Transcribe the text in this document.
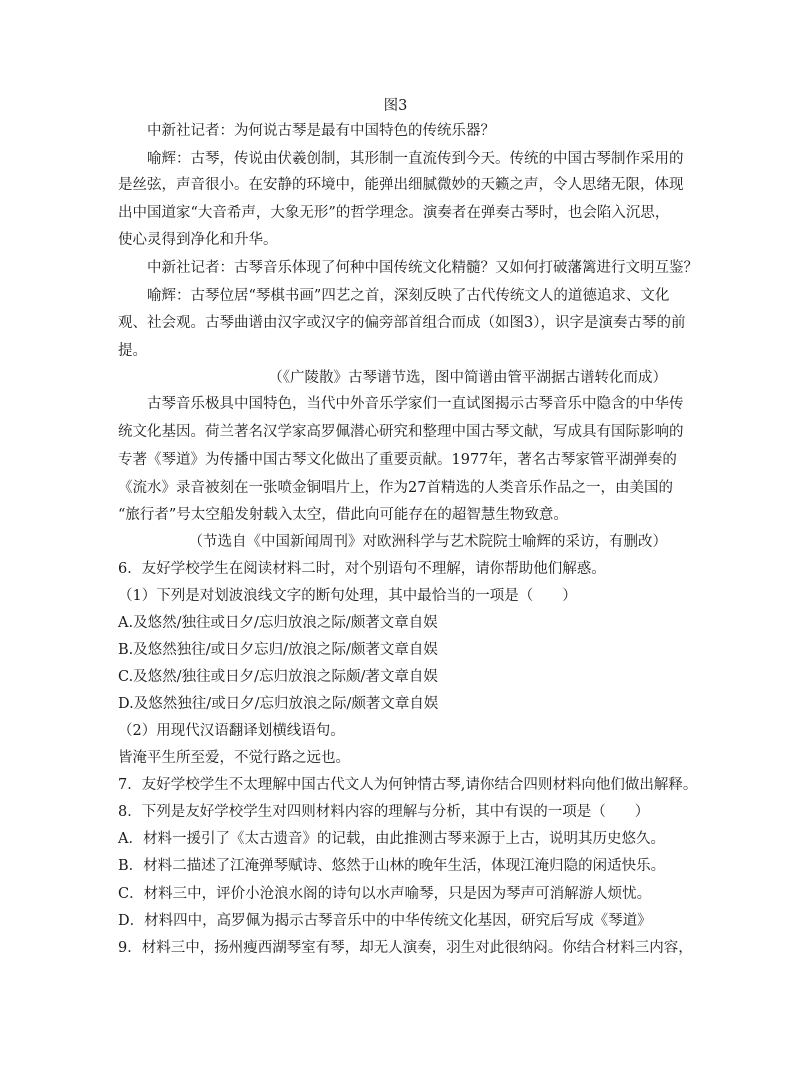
图3
中新社记者：为何说古琴是最有中国特色的传统乐器？
喻辉：古琴，传说由伏羲创制，其形制一直流传到今天。传统的中国古琴制作采用的
是丝弦，声音很小。在安静的环境中，能弹出细腻微妙的天籁之声，令人思绪无限，体现
出中国道家“大音希声，大象无形”的哲学理念。演奏者在弹奏古琴时，也会陷入沉思，
使心灵得到净化和升华。
中新社记者：古琴音乐体现了何种中国传统文化精髓？又如何打破藩篱进行文明互鉴？
喻辉：古琴位居“琴棋书画”四艺之首，深刻反映了古代传统文人的道德追求、文化
观、社会观。古琴曲谱由汉字或汉字的偏旁部首组合而成（如图3），识字是演奏古琴的前
提。
（《广陵散》古琴谱节选，图中简谱由管平湖据古谱转化而成）
古琴音乐极具中国特色，当代中外音乐学家们一直试图揭示古琴音乐中隐含的中华传
统文化基因。荷兰著名汉学家高罗佩潜心研究和整理中国古琴文献，写成具有国际影响的
专著《琴道》为传播中国古琴文化做出了重要贡献。1977年，著名古琴家管平湖弹奏的
《流水》录音被刻在一张喷金铜唱片上，作为27首精选的人类音乐作品之一，由美国的
“旅行者”号太空船发射载入太空，借此向可能存在的超智慧生物致意。
（节选自《中国新闻周刊》对欧洲科学与艺术院院士喻辉的采访，有删改）
6．友好学校学生在阅读材料二时，对个别语句不理解，请你帮助他们解惑。
（1）下列是对划波浪线文字的断句处理，其中最恰当的一项是（　　）
A.及悠然/独往或日夕/忘归放浪之际/颇著文章自娱
B.及悠然独往/或日夕忘归/放浪之际/颇著文章自娱
C.及悠然/独往或日夕/忘归放浪之际颇/著文章自娱
D.及悠然独往/或日夕/忘归放浪之际/颇著文章自娱
（2）用现代汉语翻译划横线语句。
皆淹平生所至爱，不觉行路之远也。
7．友好学校学生不太理解中国古代文人为何钟情古琴,请你结合四则材料向他们做出解释。
8．下列是友好学校学生对四则材料内容的理解与分析，其中有误的一项是（　　）
A．材料一援引了《太古遗音》的记载，由此推测古琴来源于上古，说明其历史悠久。
B．材料二描述了江淹弹琴赋诗、悠然于山林的晚年生活，体现江淹归隐的闲适快乐。
C．材料三中，评价小沧浪水阁的诗句以水声喻琴，只是因为琴声可消解游人烦忧。
D．材料四中，高罗佩为揭示古琴音乐中的中华传统文化基因，研究后写成《琴道》
9．材料三中，扬州瘦西湖琴室有琴，却无人演奏，羽生对此很纳闷。你结合材料三内容，
